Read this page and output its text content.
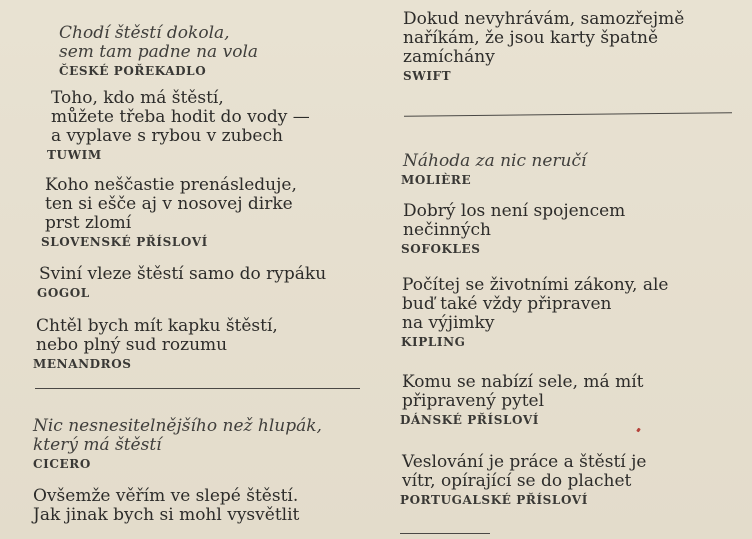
Chodí štěstí dokola,
sem tam padne na vola
ČESKÉ POŘEKADLO
Toho, kdo má štěstí,
můžete třeba hodit do vody —
a vyplave s rybou v zubech
TUWIM
Koho neščastie prenásleduje,
ten si ešče aj v nosovej dirke
prst zlomí
SLOVENSKÉ PŘÍSLOVÍ
Sviní vleze štěstí samo do rypáku
GOGOL
Chtěl bych mít kapku štěstí,
nebo plný sud rozumu
MENANDROS
Nic nesnesitelnějšího než hlupák,
který má štěstí
CICERO
Ovšemže věřím ve slepé štěstí.
Jak jinak bych si mohl vysvětlit
Dokud nevyhrávám, samozřejmě
naříkám, že jsou karty špatně
zamíchány
SWIFT
Náhoda za nic neručí
MOLIÈRE
Dobrý los není spojencem
nečinných
SOFOKLES
Počítej se životními zákony, ale
buď také vždy připraven
na výjimky
KIPLING
Komu se nabízí sele, má mít
připravený pytel
DÁNSKÉ PŘÍSLOVÍ
Veslování je práce a štěstí je
vítr, opírající se do plachet
PORTUGALSKÉ PŘÍSLOVÍ
